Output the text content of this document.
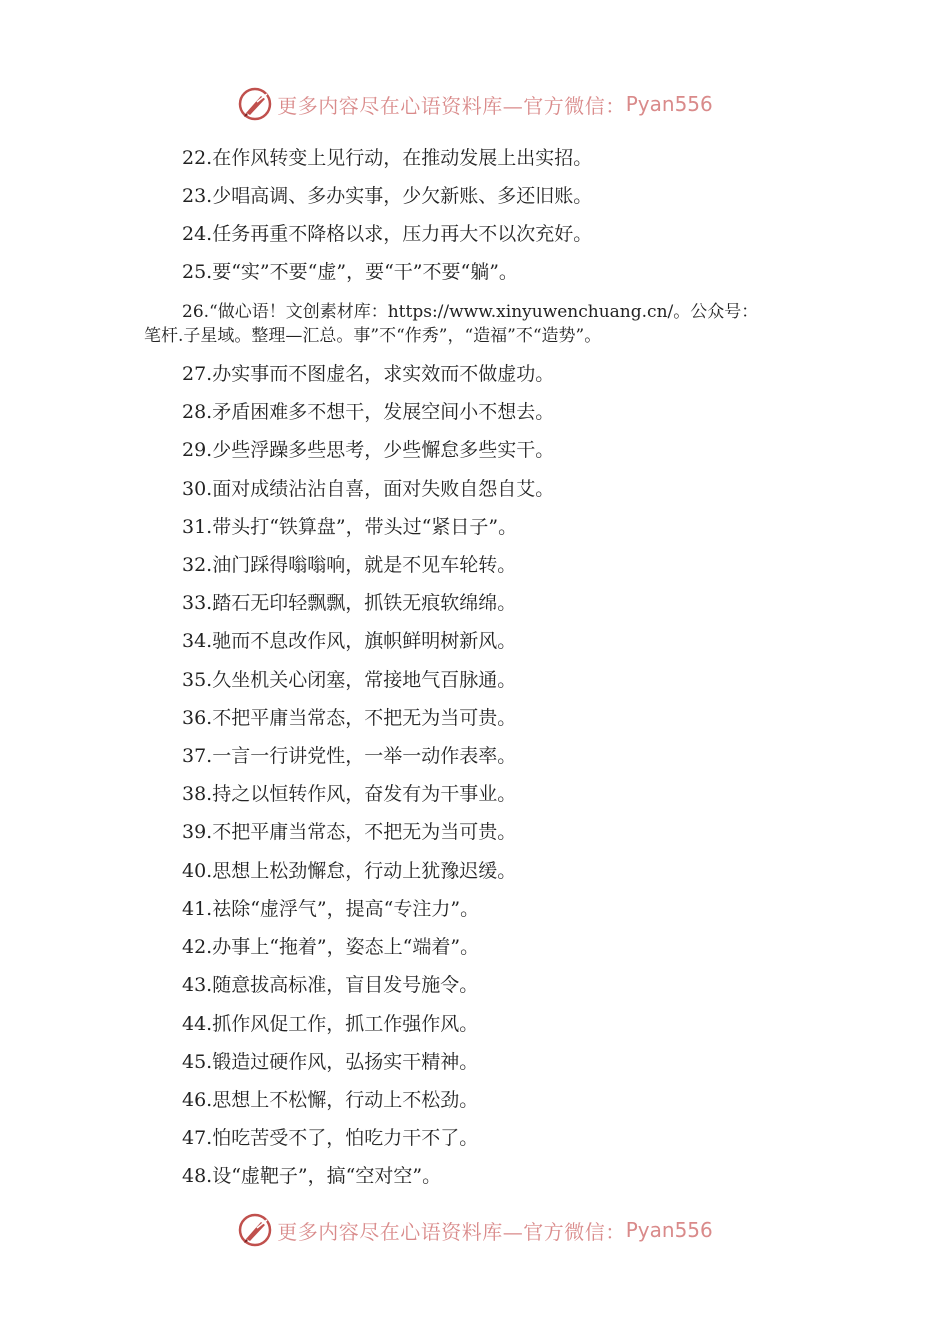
更多内容尽在心语资料库—官方微信： Pyan556
22.在作风转变上见行动，在推动发展上出实招。
23.少唱高调、多办实事，少欠新账、多还旧账。
24.任务再重不降格以求，压力再大不以次充好。
25.要“实”不要“虚”，要“干”不要“躺”。
26.“做心语！文创素材库：https://www.xinyuwenchuang.cn/。公众号：
笔杆.子星域。整理—汇总。事”不“作秀”，“造福”不“造势”。
27.办实事而不图虚名，求实效而不做虚功。
28.矛盾困难多不想干，发展空间小不想去。
29.少些浮躁多些思考，少些懈怠多些实干。
30.面对成绩沾沾自喜，面对失败自怨自艾。
31.带头打“铁算盘”，带头过“紧日子”。
32.油门踩得嗡嗡响，就是不见车轮转。
33.踏石无印轻飘飘，抓铁无痕软绵绵。
34.驰而不息改作风，旗帜鲜明树新风。
35.久坐机关心闭塞，常接地气百脉通。
36.不把平庸当常态，不把无为当可贵。
37.一言一行讲党性，一举一动作表率。
38.持之以恒转作风，奋发有为干事业。
39.不把平庸当常态，不把无为当可贵。
40.思想上松劲懈怠，行动上犹豫迟缓。
41.祛除“虚浮气”，提高“专注力”。
42.办事上“拖着”，姿态上“端着”。
43.随意拔高标准，盲目发号施令。
44.抓作风促工作，抓工作强作风。
45.锻造过硬作风，弘扬实干精神。
46.思想上不松懈，行动上不松劲。
47.怕吃苦受不了，怕吃力干不了。
48.设“虚靶子”，搞“空对空”。
更多内容尽在心语资料库—官方微信： Pyan556
